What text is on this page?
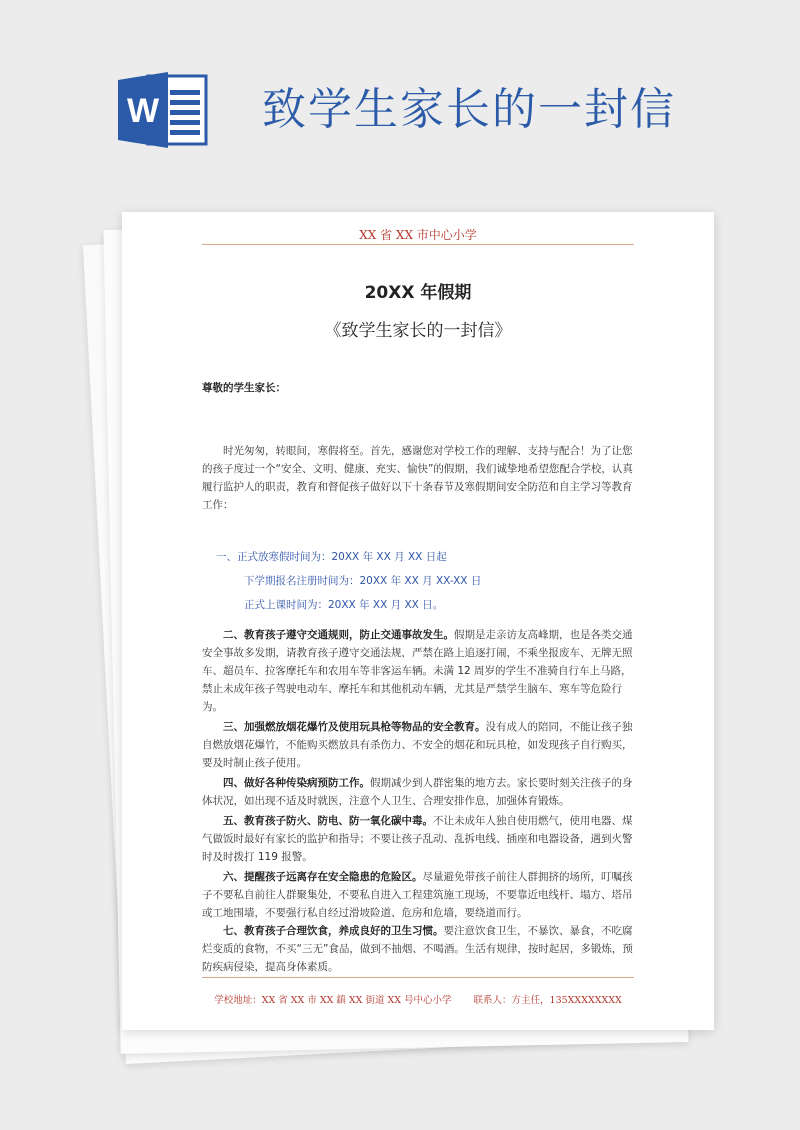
W 致学生家长的一封信
XX 省 XX 市中心小学
20XX 年假期
《致学生家长的一封信》
尊敬的学生家长：

时光匆匆，转眼间，寒假将至。首先，感谢您对学校工作的理解、支持与配合！为了让您的孩子度过一个“安全、文明、健康、充实、愉快”的假期，我们诚挚地希望您配合学校，认真履行监护人的职责，教育和督促孩子做好以下十条春节及寒假期间安全防范和自主学习等教育工作：

一、正式放寒假时间为：20XX 年 XX 月 XX 日起
下学期报名注册时间为：20XX 年 XX 月 XX-XX 日
正式上课时间为：20XX 年 XX 月 XX 日。

二、教育孩子遵守交通规则，防止交通事故发生。假期是走亲访友高峰期，也是各类交通安全事故多发期，请教育孩子遵守交通法规，严禁在路上追逐打闹，不乘坐报废车、无牌无照车、超员车、拉客摩托车和农用车等非客运车辆。未满 12 周岁的学生不准骑自行车上马路，禁止未成年孩子驾驶电动车、摩托车和其他机动车辆，尤其是严禁学生脑车、寒车等危险行为。

三、加强燃放烟花爆竹及使用玩具枪等物品的安全教育。没有成人的陪同，不能让孩子独自燃放烟花爆竹，不能购买燃放具有杀伤力、不安全的烟花和玩具枪，如发现孩子自行购买，要及时制止孩子使用。

四、做好各种传染病预防工作。假期减少到人群密集的地方去。家长要时刻关注孩子的身体状况，如出现不适及时就医，注意个人卫生、合理安排作息，加强体育锻炼。

五、教育孩子防火、防电、防一氧化碳中毒。不让未成年人独自使用燃气，使用电器、煤气做饭时最好有家长的监护和指导；不要让孩子乱动、乱拆电线、插座和电器设备，遇到火警时及时拨打 119 报警。

六、提醒孩子远离存在安全隐患的危险区。尽量避免带孩子前往人群拥挤的场所，叮嘱孩子不要私自前往人群聚集处，不要私自进入工程建筑施工现场，不要靠近电线杆、塌方、塔吊或工地围墙，不要强行私自经过滑坡险道、危房和危墙，要绕道而行。

七、教育孩子合理饮食，养成良好的卫生习惯。要注意饮食卫生，不暴饮、暴食，不吃腐烂变质的食物，不买“三无”食品，做到不抽烟、不喝酒。生活有规律，按时起居，多锻炼，预防疾病侵染，提高身体素质。

学校地址：XX 省 XX 市 XX 鎮 XX 街道 XX 号中心小学 联系人：方主任，135XXXXXXXX
